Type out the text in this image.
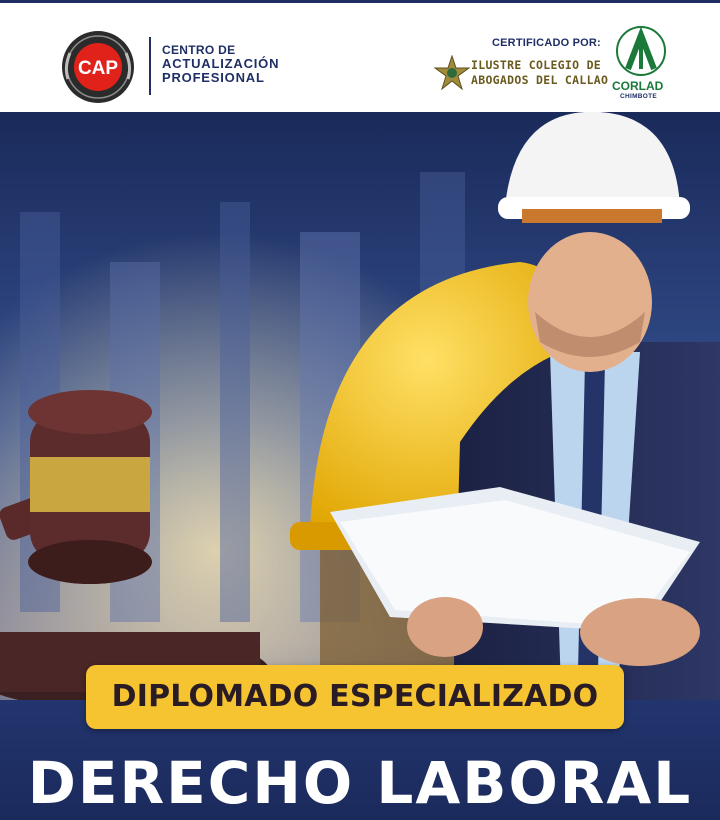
CAP
CENTRO DE
ACTUALIZACIÓN
PROFESIONAL
CERTIFICADO POR:
ILUSTRE COLEGIO DE
ABOGADOS DEL CALLAO CORLAD
CHIMBOTE
DIPLOMADO ESPECIALIZADO
DERECHO LABORAL
